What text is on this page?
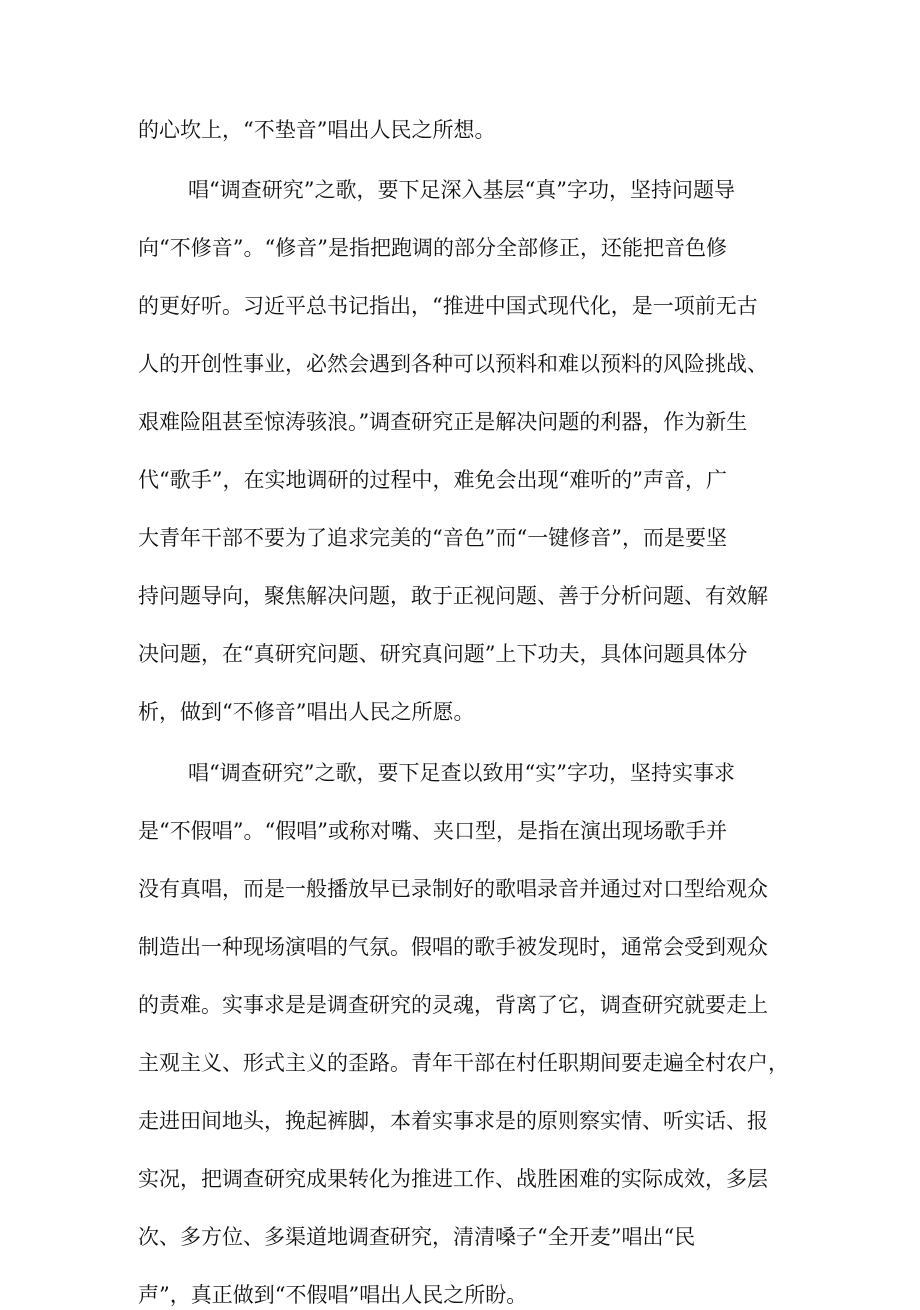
的心坎上，“不垫音”唱出人民之所想。

唱“调查研究”之歌，要下足深入基层“真”字功，坚持问题导

向“不修音”。“修音”是指把跑调的部分全部修正，还能把音色修

的更好听。习近平总书记指出，“推进中国式现代化，是一项前无古

人的开创性事业，必然会遇到各种可以预料和难以预料的风险挑战、

艰难险阻甚至惊涛骇浪。”调查研究正是解决问题的利器，作为新生

代“歌手”，在实地调研的过程中，难免会出现“难听的”声音，广

大青年干部不要为了追求完美的“音色”而“一键修音”，而是要坚

持问题导向，聚焦解决问题，敢于正视问题、善于分析问题、有效解

决问题，在“真研究问题、研究真问题”上下功夫，具体问题具体分

析，做到“不修音”唱出人民之所愿。

唱“调查研究”之歌，要下足查以致用“实”字功，坚持实事求

是“不假唱”。“假唱”或称对嘴、夹口型，是指在演出现场歌手并

没有真唱，而是一般播放早已录制好的歌唱录音并通过对口型给观众

制造出一种现场演唱的气氛。假唱的歌手被发现时，通常会受到观众

的责难。实事求是是调查研究的灵魂，背离了它，调查研究就要走上

主观主义、形式主义的歪路。青年干部在村任职期间要走遍全村农户，

走进田间地头，挽起裤脚，本着实事求是的原则察实情、听实话、报

实况，把调查研究成果转化为推进工作、战胜困难的实际成效，多层

次、多方位、多渠道地调查研究，清清嗓子“全开麦”唱出“民

声”，真正做到“不假唱”唱出人民之所盼。
